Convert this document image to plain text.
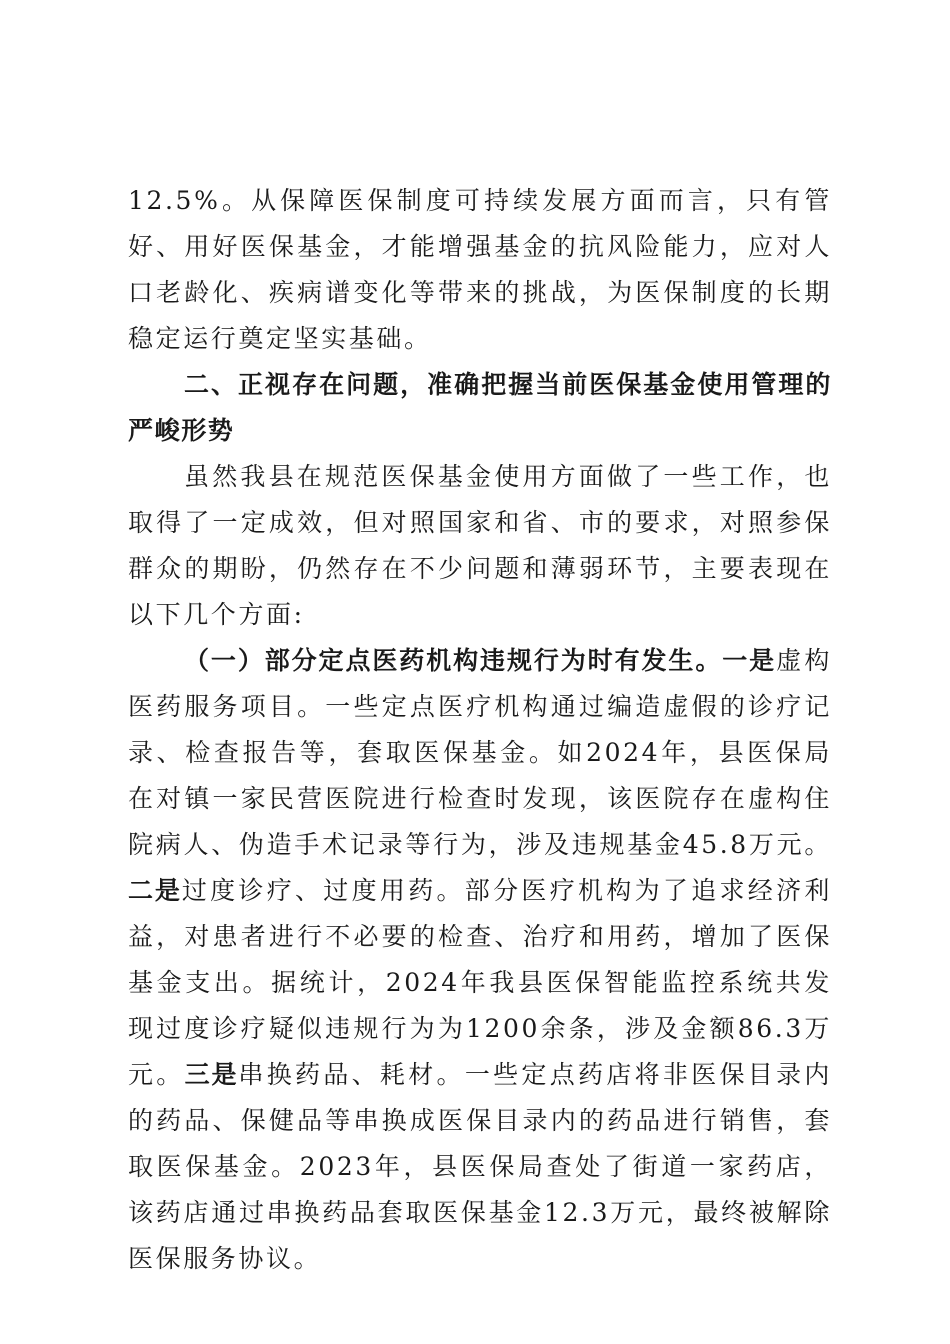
12.5%。从保障医保制度可持续发展方面而言，只有管好、用好医保基金，才能增强基金的抗风险能力，应对人口老龄化、疾病谱变化等带来的挑战，为医保制度的长期稳定运行奠定坚实基础。

二、正视存在问题，准确把握当前医保基金使用管理的严峻形势

虽然我县在规范医保基金使用方面做了一些工作，也取得了一定成效，但对照国家和省、市的要求，对照参保群众的期盼，仍然存在不少问题和薄弱环节，主要表现在以下几个方面:

（一）部分定点医药机构违规行为时有发生。一是虚构医药服务项目。一些定点医疗机构通过编造虚假的诊疗记录、检查报告等，套取医保基金。如2024年，县医保局在对镇一家民营医院进行检查时发现，该医院存在虚构住院病人、伪造手术记录等行为，涉及违规基金45.8万元。二是过度诊疗、过度用药。部分医疗机构为了追求经济利益，对患者进行不必要的检查、治疗和用药，增加了医保基金支出。据统计，2024年我县医保智能监控系统共发现过度诊疗疑似违规行为为1200余条，涉及金额86.3万元。三是串换药品、耗材。一些定点药店将非医保目录内的药品、保健品等串换成医保目录内的药品进行销售，套取医保基金。2023年，县医保局查处了街道一家药店，该药店通过串换药品套取医保基金12.3万元，最终被解除医保服务协议。
